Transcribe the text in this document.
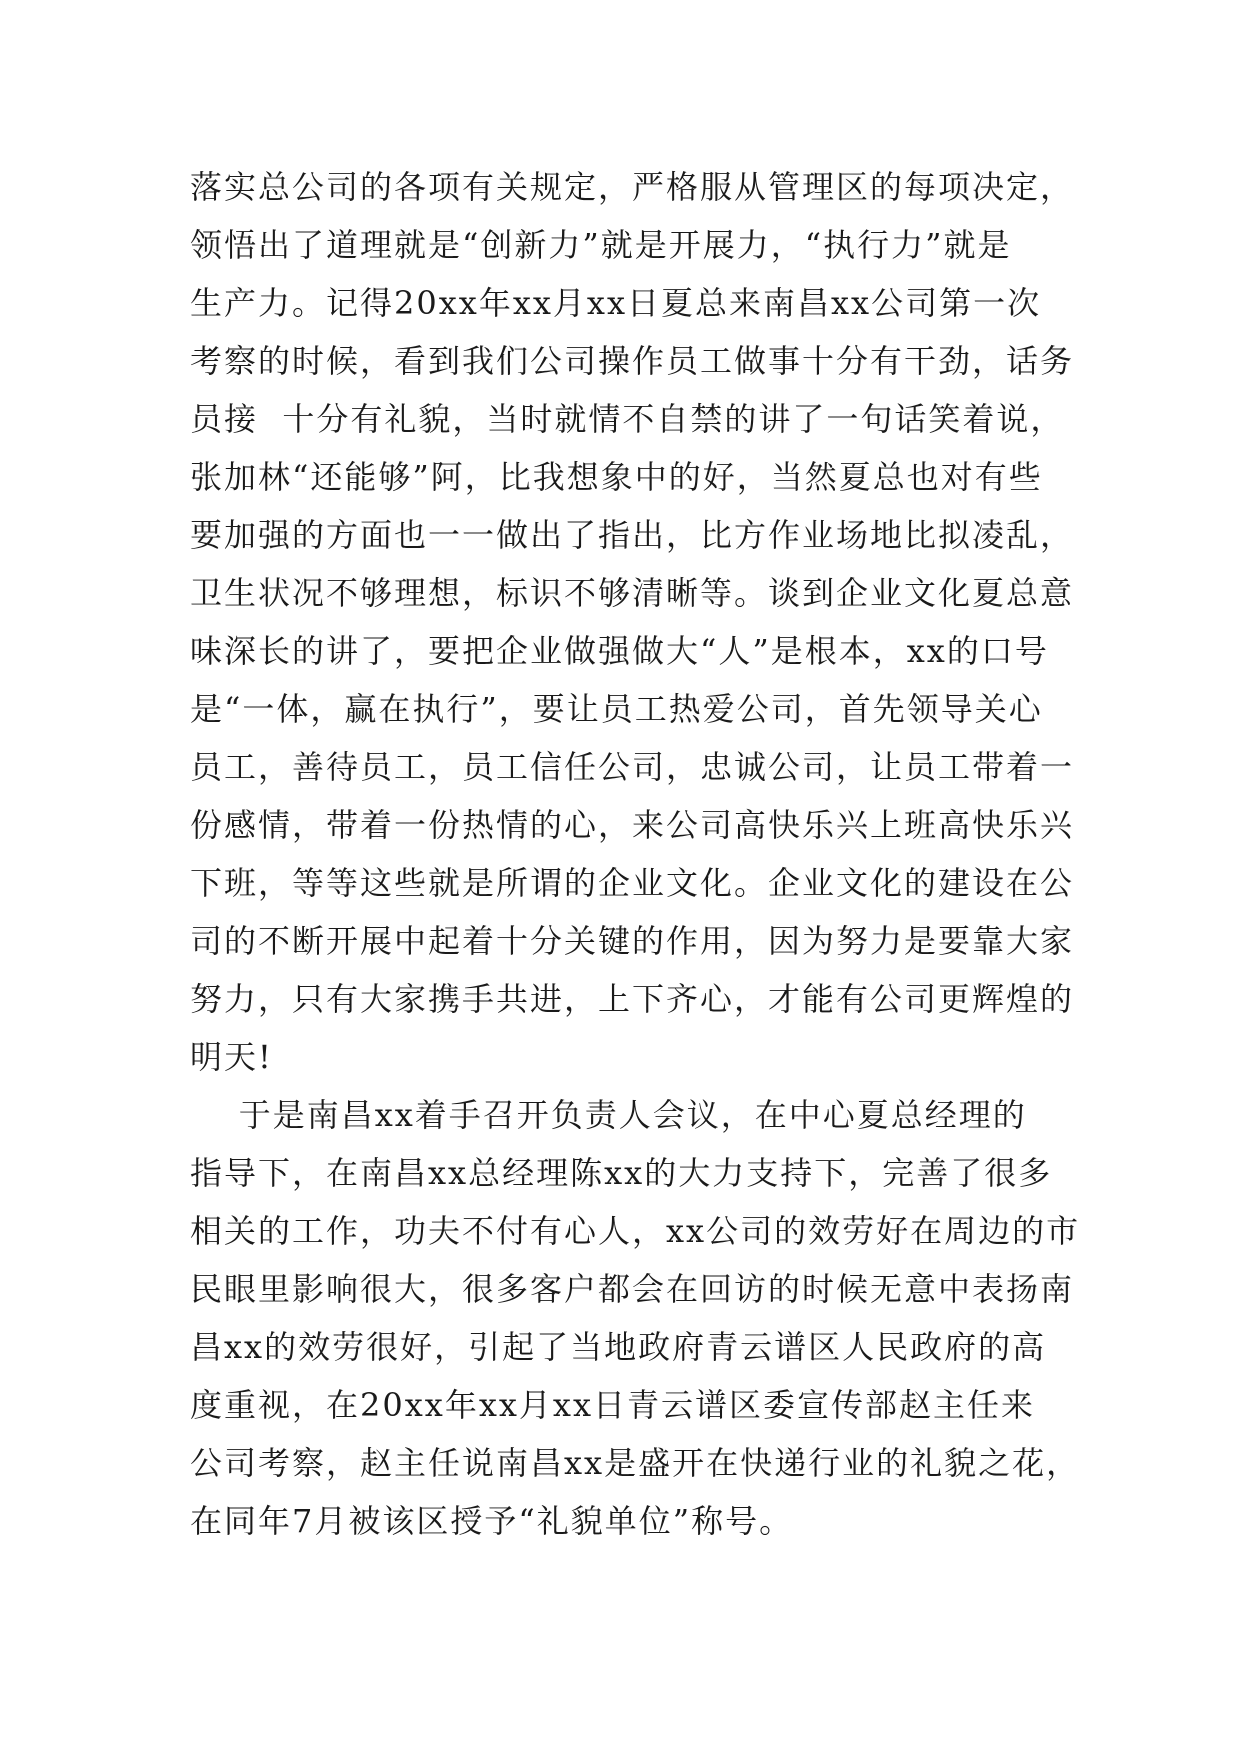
落实总公司的各项有关规定，严格服从管理区的每项决定，
领悟出了道理就是“创新力”就是开展力，“执行力”就是
生产力。记得20xx年xx月xx日夏总来南昌xx公司第一次
考察的时候，看到我们公司操作员工做事十分有干劲，话务
员接  十分有礼貌，当时就情不自禁的讲了一句话笑着说，
张加林“还能够”阿，比我想象中的好，当然夏总也对有些
要加强的方面也一一做出了指出，比方作业场地比拟凌乱，
卫生状况不够理想，标识不够清晰等。谈到企业文化夏总意
味深长的讲了，要把企业做强做大“人”是根本，xx的口号
是“一体，赢在执行”，要让员工热爱公司，首先领导关心
员工，善待员工，员工信任公司，忠诚公司，让员工带着一
份感情，带着一份热情的心，来公司高快乐兴上班高快乐兴
下班，等等这些就是所谓的企业文化。企业文化的建设在公
司的不断开展中起着十分关键的作用，因为努力是要靠大家
努力，只有大家携手共进，上下齐心，才能有公司更辉煌的
明天!
于是南昌xx着手召开负责人会议，在中心夏总经理的
指导下，在南昌xx总经理陈xx的大力支持下，完善了很多
相关的工作，功夫不付有心人，xx公司的效劳好在周边的市
民眼里影响很大，很多客户都会在回访的时候无意中表扬南
昌xx的效劳很好，引起了当地政府青云谱区人民政府的高
度重视，在20xx年xx月xx日青云谱区委宣传部赵主任来
公司考察，赵主任说南昌xx是盛开在快递行业的礼貌之花，
在同年7月被该区授予“礼貌单位”称号。
